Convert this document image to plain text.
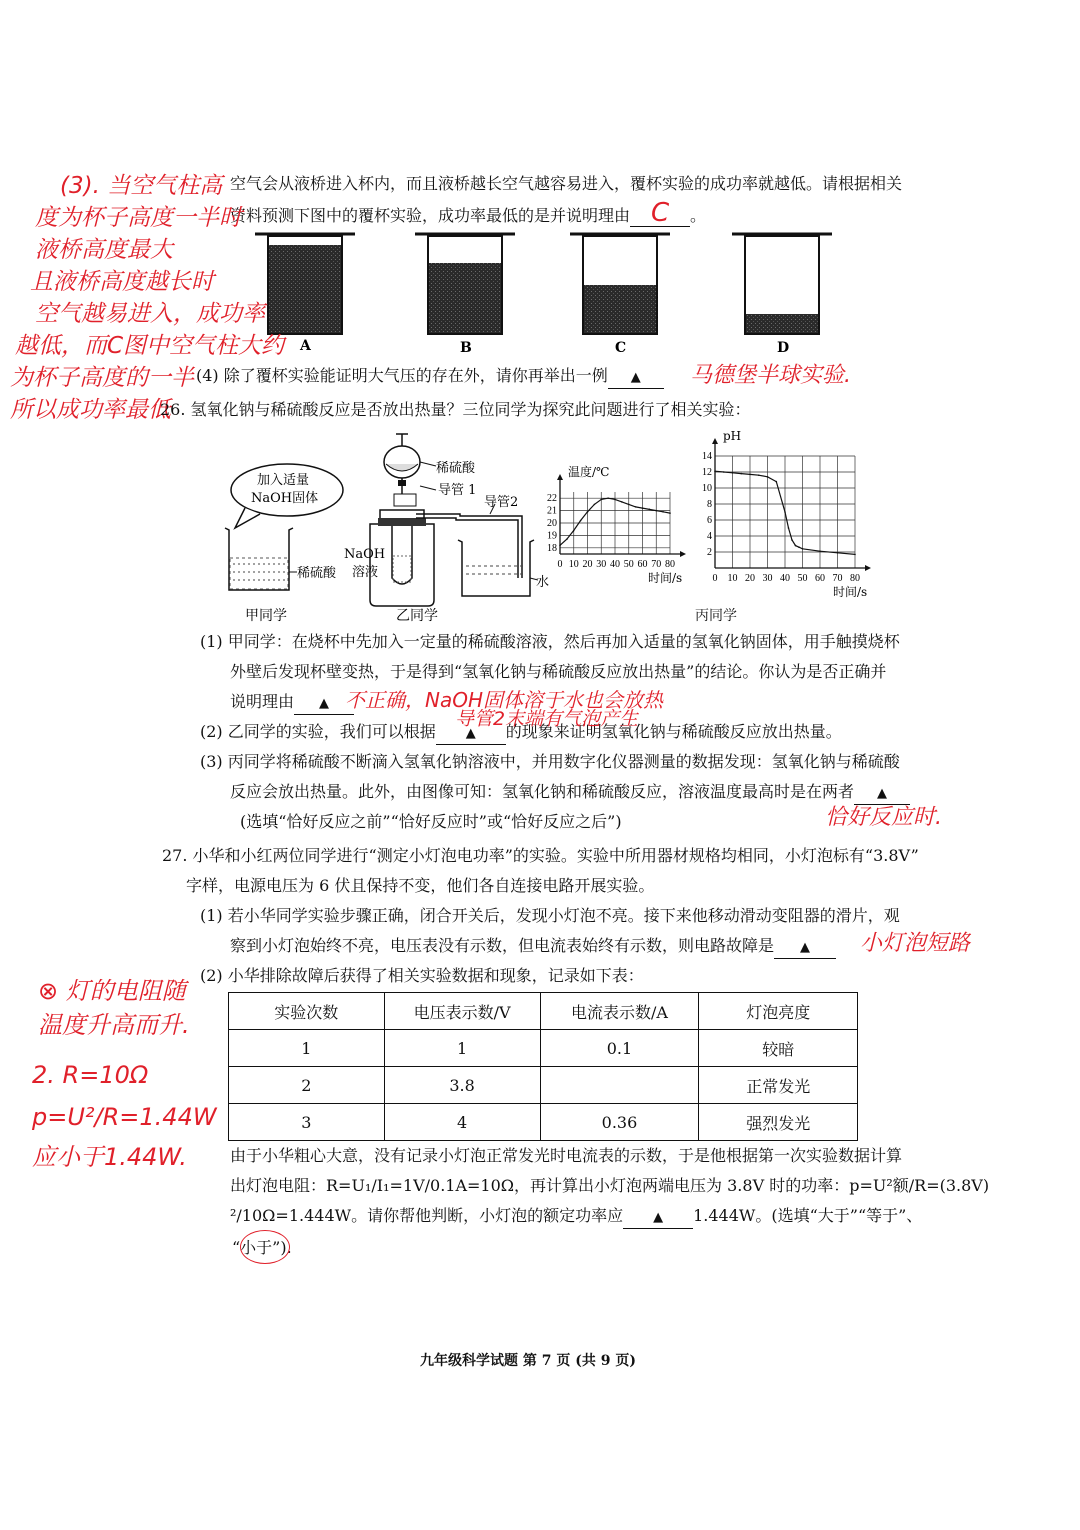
空气会从液桥进入杯内，而且液桥越长空气越容易进入，覆杯实验的成功率就越低。请根据相关
资料预测下图中的覆杯实验，成功率最低的是并说明理由 C 。
A	B	C	D
(4) 除了覆杯实验能证明大气压的存在外，请你再举出一例 ▲	马德堡半球实验.
(3). 当空气柱高
度为杯子高度一半时
液桥高度最大
且液桥高度越长时
空气越易进入，成功率
越低，而C图中空气柱大约
为杯子高度的一半
所以成功率最低
26. 氢氧化钠与稀硫酸反应是否放出热量？三位同学为探究此问题进行了相关实验：
加入适量
NaOH固体
稀硫酸
甲同学
稀硫酸
导管 1
导管2
水
NaOH
溶液
乙同学
0 10 20 30 40 50 60 70 80
18
19
20
21
22
温度/℃
时间/s	0 10 20 30 40 50 60 70 80
2
4
6
8
10
12
14
pH
时间/s
丙同学
(1) 甲同学：在烧杯中先加入一定量的稀硫酸溶液，然后再加入适量的氢氧化钠固体，用手触摸烧杯
外壁后发现杯壁变热，于是得到“氢氧化钠与稀硫酸反应放出热量”的结论。你认为是否正确并
说明理由 ▲ 不正确，NaOH固体溶于水也会放热
(2) 乙同学的实验，我们可以根据 ▲ 的现象来证明氢氧化钠与稀硫酸反应放出热量。
导管2末端有气泡产生
(3) 丙同学将稀硫酸不断滴入氢氧化钠溶液中，并用数字化仪器测量的数据发现：氢氧化钠与稀硫酸
反应会放出热量。此外，由图像可知：氢氧化钠和稀硫酸反应，溶液温度最高时是在两者 ▲
(选填“恰好反应之前”“恰好反应时”或“恰好反应之后”)	恰好反应时.
27. 小华和小红两位同学进行“测定小灯泡电功率”的实验。实验中所用器材规格均相同，小灯泡标有“3.8V”
字样，电源电压为 6 伏且保持不变，他们各自连接电路开展实验。
(1) 若小华同学实验步骤正确，闭合开关后，发现小灯泡不亮。接下来他移动滑动变阻器的滑片，观
察到小灯泡始终不亮，电压表没有示数，但电流表始终有示数，则电路故障是 ▲	小灯泡短路
(2) 小华排除故障后获得了相关实验数据和现象，记录如下表：
实验次数	电压表示数/V	电流表示数/A	灯泡亮度
1	1	0.1	较暗
2	3.8		正常发光
3	4	0.36	强烈发光
由于小华粗心大意，没有记录小灯泡正常发光时电流表的示数，于是他根据第一次实验数据计算
出灯泡电阻：R=U₁/I₁=1V/0.1A=10Ω，再计算出小灯泡两端电压为 3.8V 时的功率：p=U²额/R=(3.8V)
²/10Ω=1.444W。请你帮他判断，小灯泡的额定功率应 ▲ 1.444W。(选填“大于”“等于”、
“小于”).
⊗ 灯的电阻随
温度升高而升.
2. R=10Ω
p=U²/R=1.44W
应小于1.44W.
九年级科学试题 第 7 页 (共 9 页)
